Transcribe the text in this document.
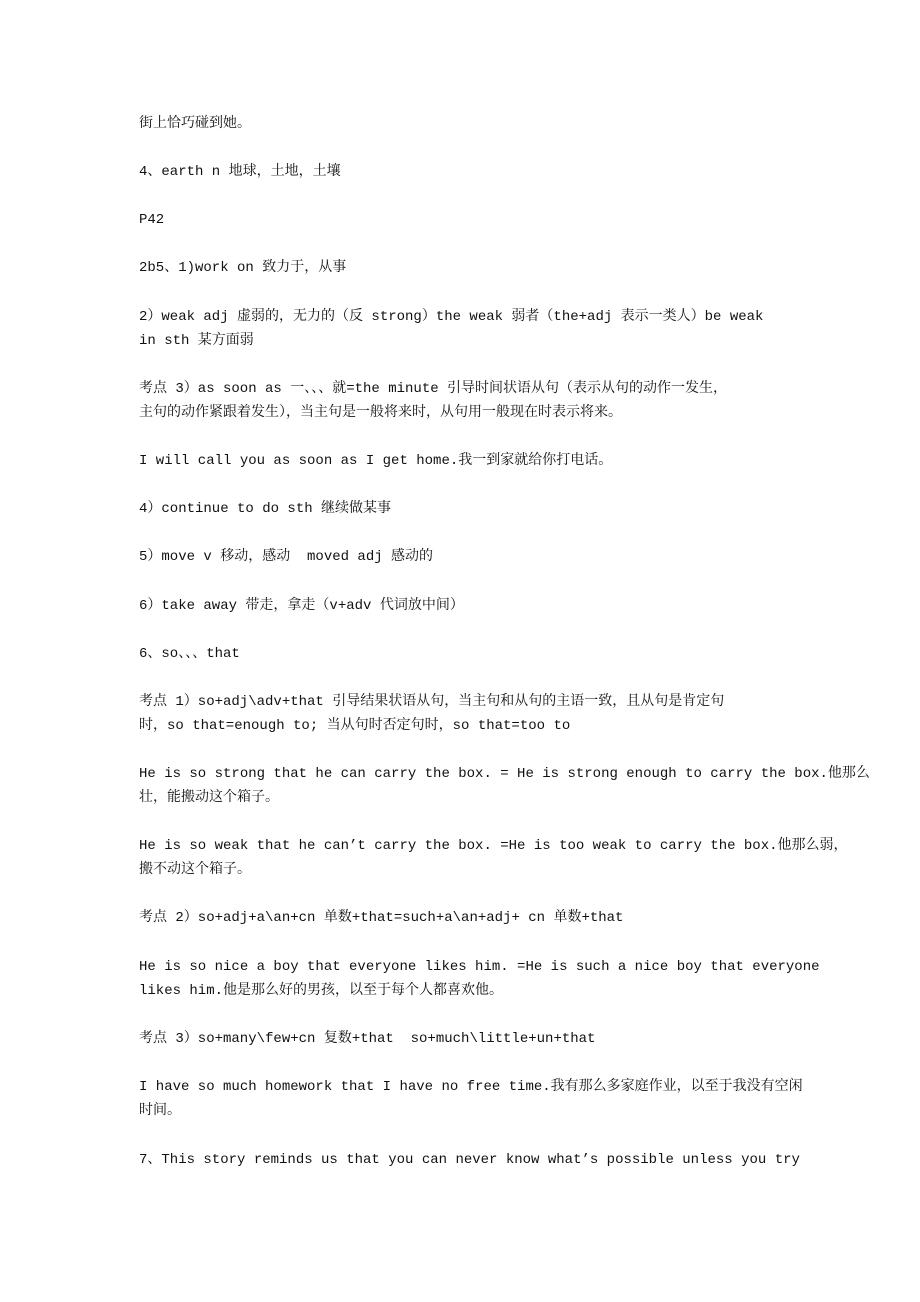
街上恰巧碰到她。
4、earth n 地球，土地，土壤
P42
2b5、1)work on 致力于，从事
2）weak adj 虚弱的，无力的（反 strong）the weak 弱者（the+adj 表示一类人）be weak
in sth 某方面弱
考点 3）as soon as 一、、、就=the minute 引导时间状语从句（表示从句的动作一发生，
主句的动作紧跟着发生），当主句是一般将来时，从句用一般现在时表示将来。
I will call you as soon as I get home.我一到家就给你打电话。
4）continue to do sth 继续做某事
5）move v 移动，感动  moved adj 感动的
6）take away 带走，拿走（v+adv 代词放中间）
6、so、、、that
考点 1）so+adj\adv+that 引导结果状语从句，当主句和从句的主语一致，且从句是肯定句
时，so that=enough to; 当从句时否定句时，so that=too to
He is so strong that he can carry the box. = He is strong enough to carry the box.他那么
壮，能搬动这个箱子。
He is so weak that he can’t carry the box. =He is too weak to carry the box.他那么弱，
搬不动这个箱子。
考点 2）so+adj+a\an+cn 单数+that=such+a\an+adj+ cn 单数+that
He is so nice a boy that everyone likes him. =He is such a nice boy that everyone
likes him.他是那么好的男孩，以至于每个人都喜欢他。
考点 3）so+many\few+cn 复数+that  so+much\little+un+that
I have so much homework that I have no free time.我有那么多家庭作业，以至于我没有空闲
时间。
7、This story reminds us that you can never know what’s possible unless you try
